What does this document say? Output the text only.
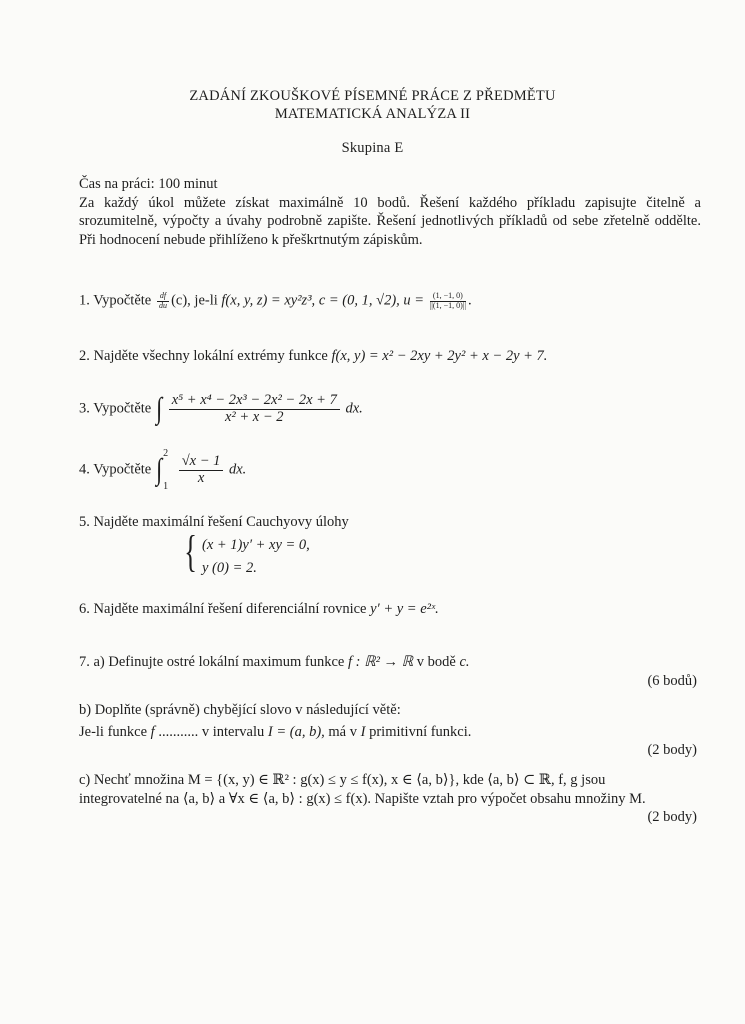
ZADÁNÍ ZKOUŠKOVÉ PÍSEMNÉ PRÁCE Z PŘEDMĚTU
MATEMATICKÁ ANALÝZA II
Skupina E
Čas na práci: 100 minut
Za každý úkol můžete získat maximálně 10 bodů. Řešení každého příkladu zapisujte čitelně a srozumitelně, výpočty a úvahy podrobně zapište. Řešení jednotlivých příkladů od sebe zřetelně oddělte. Při hodnocení nebude přihlíženo k přeškrtnutým zápiskům.
1. Vypočtěte $\frac{df}{du} (c)$, je-li f(x, y, z) = xy²z³, c = (0, 1, √2), $u = \frac{(1, -1, 0)}{||(1, -1, 0)||}$ .
2. Najděte všechny lokální extrémy funkce f(x, y) = x² − 2xy + 2y² + x − 2y + 7.
3. Vypočtěte ∫ $\frac{\text{x⁵ + x⁴ − 2x³ − 2x² − 2x + 7}}{\text{x² + x − 2}}$ dx.
4. Vypočtěte ∫ 2
1

$\frac{√x - 1}{x}$ dx.
5. Najděte maximální řešení Cauchyovy úlohy
{ (x + 1)y′ + xy = 0,
y (0) = 2.
6. Najděte maximální řešení diferenciální rovnice y′ + y = e²ˣ.
7. a) Definujte ostré lokální maximum funkce f : ℝ² → ℝ v bodě c.
(6 bodů)
b) Doplňte (správně) chybějící slovo v následující větě:
Je-li funkce f ........... v intervalu I = (a, b), má v I primitivní funkci.
(2 body)
c) Nechť množina M = {(x, y) ∈ ℝ² : g(x) ≤ y ≤ f(x), x ∈ ⟨a, b⟩}, kde ⟨a, b⟩ ⊂ ℝ, f, g jsou
integrovatelné na ⟨a, b⟩ a ∀x ∈ ⟨a, b⟩ : g(x) ≤ f(x). Napište vztah pro výpočet obsahu množiny M.
(2 body)
